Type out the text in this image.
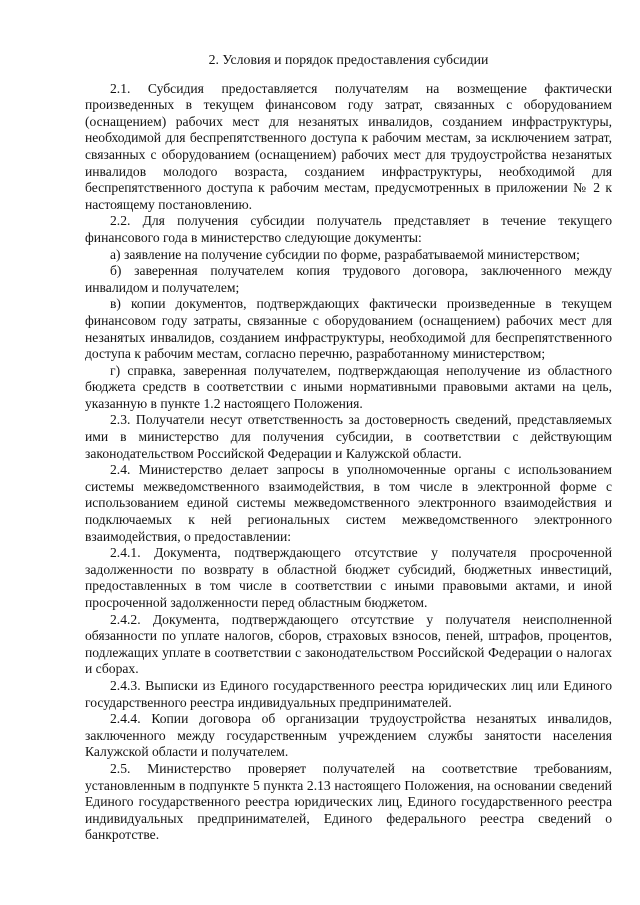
2. Условия и порядок предоставления субсидии

2.1. Субсидия предоставляется получателям на возмещение фактически произведенных в текущем финансовом году затрат, связанных с оборудованием (оснащением) рабочих мест для незанятых инвалидов, созданием инфраструктуры, необходимой для беспрепятственного доступа к рабочим местам, за исключением затрат, связанных с оборудованием (оснащением) рабочих мест для трудоустройства незанятых инвалидов молодого возраста, созданием инфраструктуры, необходимой для беспрепятственного доступа к рабочим местам, предусмотренных в приложении № 2 к настоящему постановлению.

2.2. Для получения субсидии получатель представляет в течение текущего финансового года в министерство следующие документы:

а) заявление на получение субсидии по форме, разрабатываемой министерством;

б) заверенная получателем копия трудового договора, заключенного между инвалидом и получателем;

в) копии документов, подтверждающих фактически произведенные в текущем финансовом году затраты, связанные с оборудованием (оснащением) рабочих мест для незанятых инвалидов, созданием инфраструктуры, необходимой для беспрепятственного доступа к рабочим местам, согласно перечню, разработанному министерством;

г) справка, заверенная получателем, подтверждающая неполучение из областного бюджета средств в соответствии с иными нормативными правовыми актами на цель, указанную в пункте 1.2 настоящего Положения.

2.3. Получатели несут ответственность за достоверность сведений, представляемых ими в министерство для получения субсидии, в соответствии с действующим законодательством Российской Федерации и Калужской области.

2.4. Министерство делает запросы в уполномоченные органы с использованием системы межведомственного взаимодействия, в том числе в электронной форме с использованием единой системы межведомственного электронного взаимодействия и подключаемых к ней региональных систем межведомственного электронного взаимодействия, о предоставлении:

2.4.1. Документа, подтверждающего отсутствие у получателя просроченной задолженности по возврату в областной бюджет субсидий, бюджетных инвестиций, предоставленных в том числе в соответствии с иными правовыми актами, и иной просроченной задолженности перед областным бюджетом.

2.4.2. Документа, подтверждающего отсутствие у получателя неисполненной обязанности по уплате налогов, сборов, страховых взносов, пеней, штрафов, процентов, подлежащих уплате в соответствии с законодательством Российской Федерации о налогах и сборах.

2.4.3. Выписки из Единого государственного реестра юридических лиц или Единого государственного реестра индивидуальных предпринимателей.

2.4.4. Копии договора об организации трудоустройства незанятых инвалидов, заключенного между государственным учреждением службы занятости населения Калужской области и получателем.

2.5. Министерство проверяет получателей на соответствие требованиям, установленным в подпункте 5 пункта 2.13 настоящего Положения, на основании сведений Единого государственного реестра юридических лиц, Единого государственного реестра индивидуальных предпринимателей, Единого федерального реестра сведений о банкротстве.
